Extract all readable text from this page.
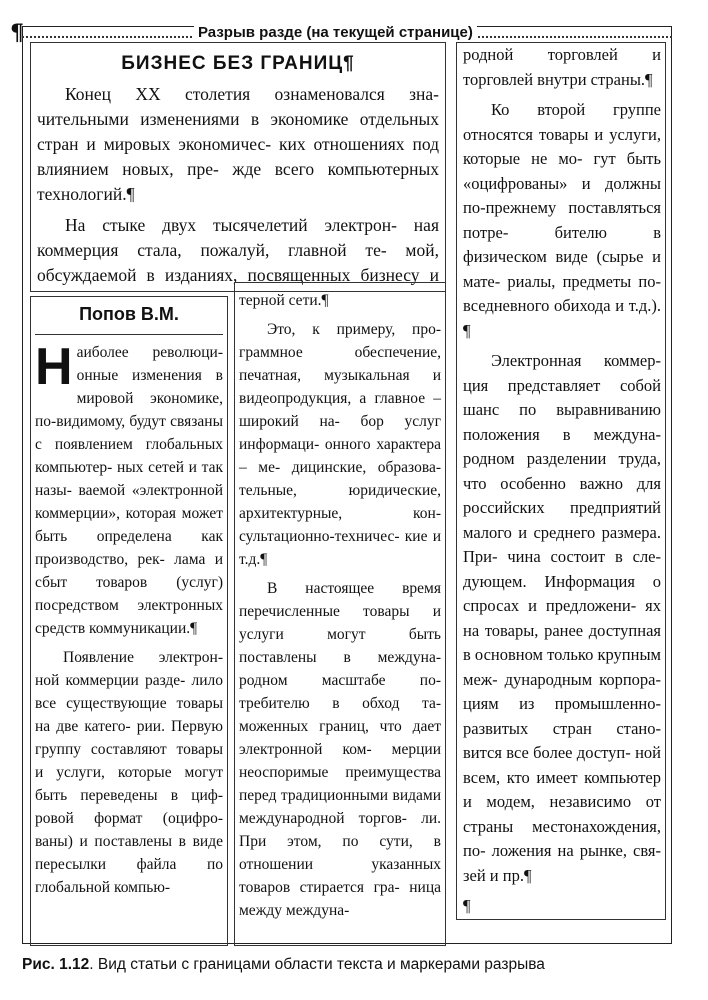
¶	Разрыв разде (на текущей странице)

БИЗНЕС БЕЗ ГРАНИЦ¶

Конец XX столетия ознаменовался зна- чительными изменениями в экономике отдельных стран и мировых экономичес- ких отношениях под влиянием новых, пре- жде всего компьютерных технологий.¶

На стыке двух тысячелетий электрон- ная коммерция стала, пожалуй, главной те- мой, обсуждаемой в изданиях, посвященных бизнесу и

Попов В.М.

Наиболее революци- онные изменения в мировой экономике, по-видимому, будут связаны с появлением глобальных компьютер- ных сетей и так назы- ваемой «электронной коммерции», которая может быть определена как производство, рек- лама и сбыт товаров (услуг) посредством электронных средств коммуникации.¶

Появление электрон- ной коммерции разде- лило все существующие товары на две катего- рии. Первую группу составляют товары и услуги, которые могут быть переведены в циф- ровой формат (оцифро- ваны) и поставлены в виде пересылки файла по глобальной компью-

терной сети.¶

Это, к примеру, про- граммное обеспечение, печатная, музыкальная и видеопродукция, а главное – широкий на- бор услуг информаци- онного характера – ме- дицинские, образова- тельные, юридические, архитектурные, кон- сультационно-техничес- кие и т.д.¶

В настоящее время перечисленные товары и услуги могут быть поставлены в междуна- родном масштабе по- требителю в обход та- моженных границ, что дает электронной ком- мерции неоспоримые преимущества перед традиционными видами международной торгов- ли. При этом, по сути, в отношении указанных товаров стирается гра- ница между междуна-

родной торговлей и торговлей внутри страны.¶

Ко второй группе относятся товары и услуги, которые не мо- гут быть «оцифрованы» и должны по-прежнему поставляться потре- бителю в физическом виде (сырье и мате- риалы, предметы по- вседневного обихода и т.д.). ¶

Электронная коммер- ция представляет собой шанс по выравниванию положения в междуна- родном разделении труда, что особенно важно для российских предприятий малого и среднего размера. При- чина состоит в сле- дующем. Информация о спросах и предложени- ях на товары, ранее доступная в основном только крупным меж- дународным корпора- циям из промышленно- развитых стран стано- вится все более доступ- ной всем, кто имеет компьютер и модем, независимо от страны местонахождения, по- ложения на рынке, свя- зей и пр.¶

¶

Рис. 1.12. Вид статьи с границами области текста и маркерами разрыва
